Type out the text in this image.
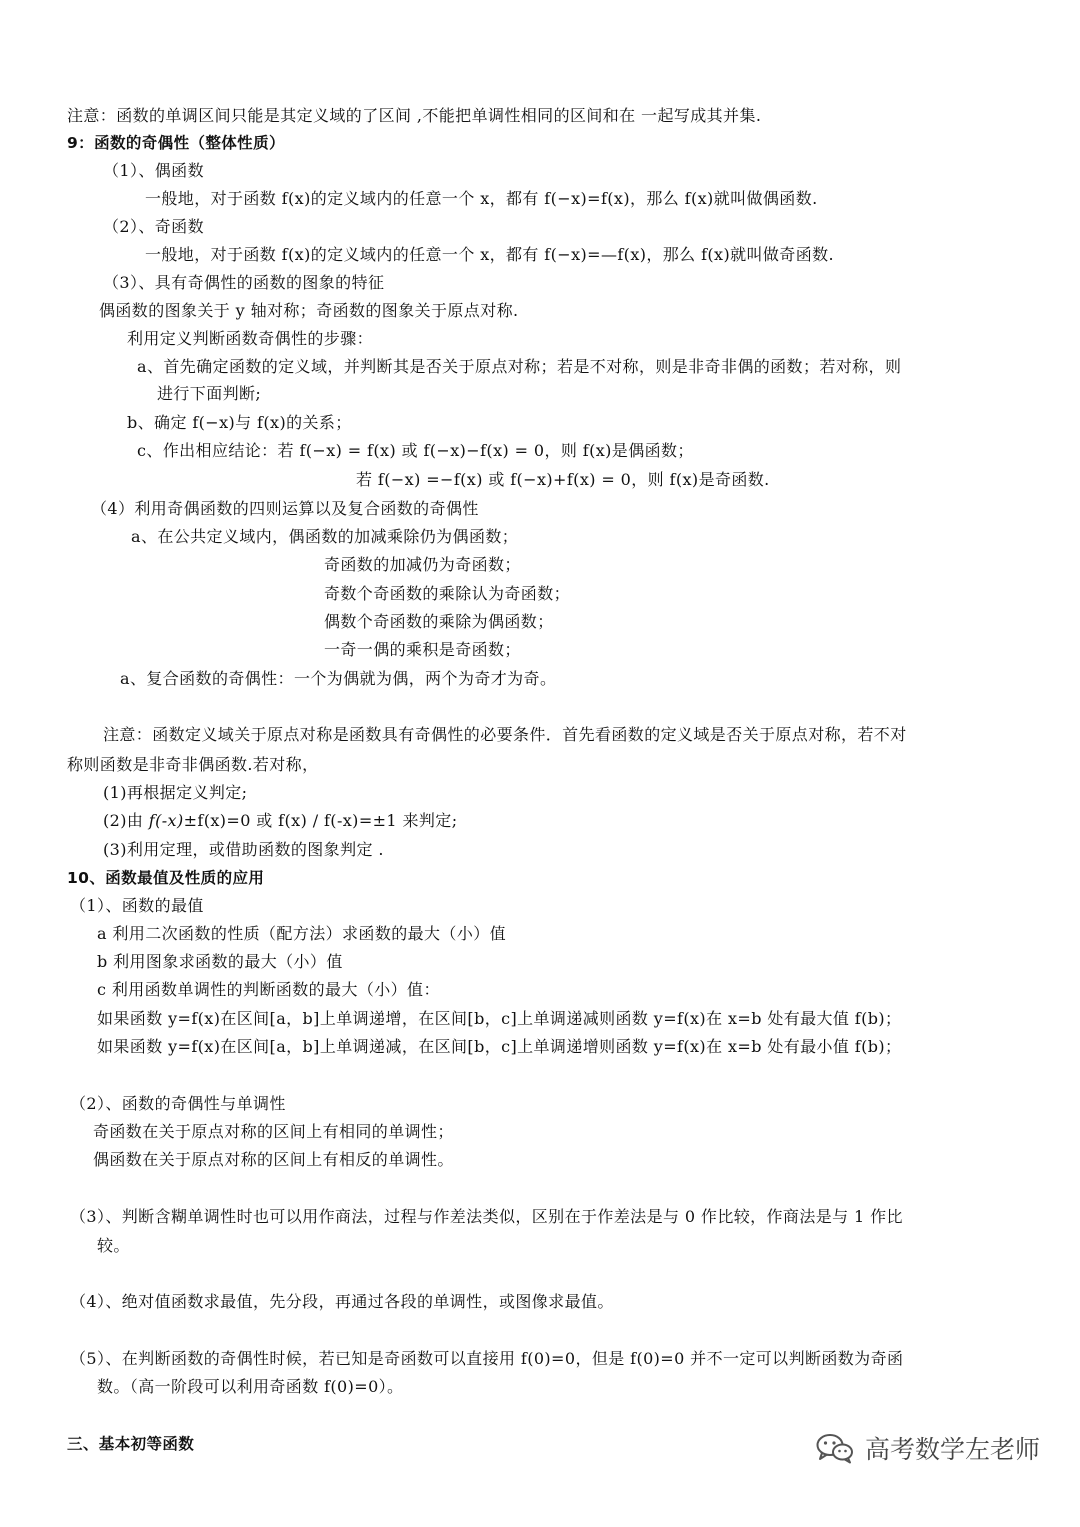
注意：函数的单调区间只能是其定义域的了区间 ,不能把单调性相同的区间和在 一起写成其并集.
9：函数的奇偶性（整体性质）
（1）、偶函数
一般地，对于函数 f(x)的定义域内的任意一个 x，都有 f(−x)=f(x)，那么 f(x)就叫做偶函数.
（2）、奇函数
一般地，对于函数 f(x)的定义域内的任意一个 x，都有 f(−x)=—f(x)，那么 f(x)就叫做奇函数.
（3）、具有奇偶性的函数的图象的特征
偶函数的图象关于 y 轴对称；奇函数的图象关于原点对称.
利用定义判断函数奇偶性的步骤：
a、首先确定函数的定义域，并判断其是否关于原点对称；若是不对称，则是非奇非偶的函数；若对称，则
进行下面判断;
b、确定 f(−x)与 f(x)的关系；
c、作出相应结论：若 f(−x) = f(x) 或 f(−x)−f(x) = 0，则 f(x)是偶函数；
若 f(−x) =−f(x) 或 f(−x)+f(x) = 0，则 f(x)是奇函数.
（4）利用奇偶函数的四则运算以及复合函数的奇偶性
a、在公共定义域内，偶函数的加减乘除仍为偶函数；
奇函数的加减仍为奇函数；
奇数个奇函数的乘除认为奇函数；
偶数个奇函数的乘除为偶函数；
一奇一偶的乘积是奇函数；
a、复合函数的奇偶性：一个为偶就为偶，两个为奇才为奇。
注意：函数定义域关于原点对称是函数具有奇偶性的必要条件．首先看函数的定义域是否关于原点对称，若不对
称则函数是非奇非偶函数.若对称，
(1)再根据定义判定;
(2)由 f(-x)±f(x)=0 或 f(x) / f(-x)=±1 来判定;
(3)利用定理，或借助函数的图象判定 .
10、函数最值及性质的应用
（1）、函数的最值
a 利用二次函数的性质（配方法）求函数的最大（小）值
b 利用图象求函数的最大（小）值
c 利用函数单调性的判断函数的最大（小）值：
如果函数 y=f(x)在区间[a，b]上单调递增，在区间[b，c]上单调递减则函数 y=f(x)在 x=b 处有最大值 f(b)；
如果函数 y=f(x)在区间[a，b]上单调递减，在区间[b，c]上单调递增则函数 y=f(x)在 x=b 处有最小值 f(b)；
（2）、函数的奇偶性与单调性
奇函数在关于原点对称的区间上有相同的单调性；
偶函数在关于原点对称的区间上有相反的单调性。
（3）、判断含糊单调性时也可以用作商法，过程与作差法类似，区别在于作差法是与 0 作比较，作商法是与 1 作比
较。
（4）、绝对值函数求最值，先分段，再通过各段的单调性，或图像求最值。
（5）、在判断函数的奇偶性时候，若已知是奇函数可以直接用 f(0)=0，但是 f(0)=0 并不一定可以判断函数为奇函
数。（高一阶段可以利用奇函数 f(0)=0）。
三、基本初等函数	高考数学左老师
